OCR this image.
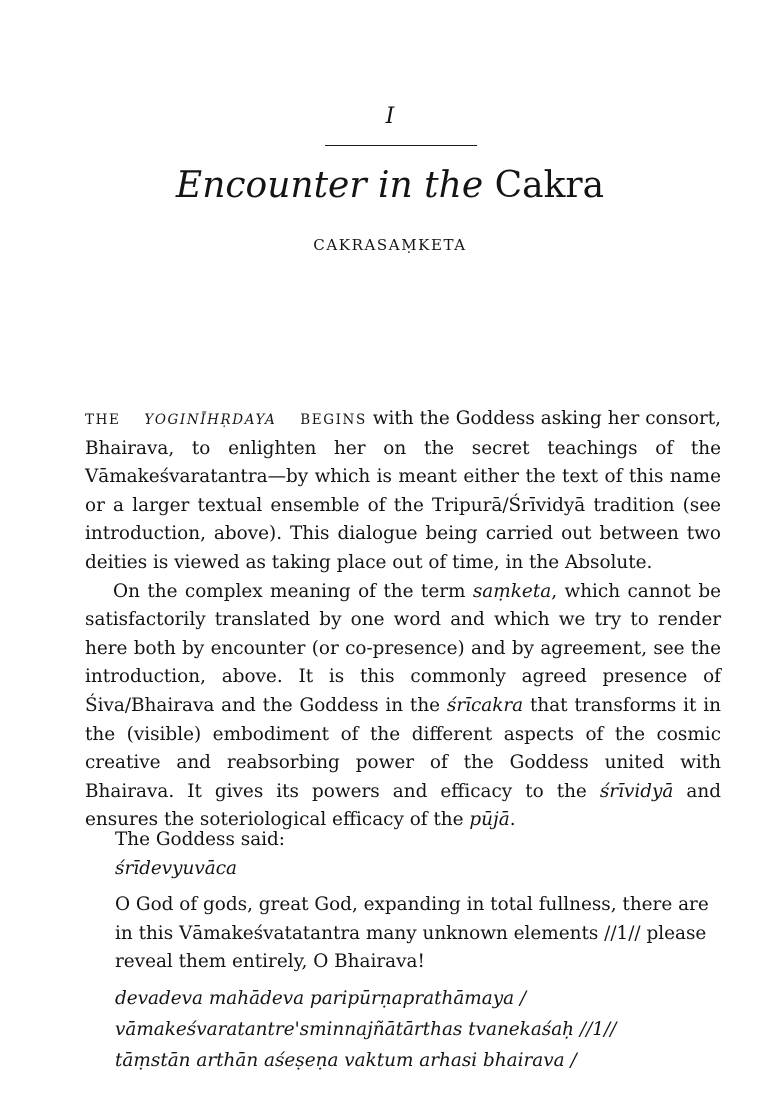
I
Encounter in the Cakra
CAKRASAṂKETA

THE YOGINĪHṚDAYA BEGINS with the Goddess asking her consort, Bhairava, to enlighten her on the secret teachings of the Vāmakeśvaratantra—by which is meant either the text of this name or a larger textual ensemble of the Tripurā/Śrīvidyā tradition (see introduction, above). This dialogue being carried out between two deities is viewed as taking place out of time, in the Absolute.

On the complex meaning of the term saṃketa, which cannot be satisfactorily translated by one word and which we try to render here both by encounter (or co-presence) and by agreement, see the introduction, above. It is this commonly agreed presence of Śiva/Bhairava and the Goddess in the śrīcakra that transforms it in the (visible) embodiment of the different aspects of the cosmic creative and reabsorbing power of the Goddess united with Bhairava. It gives its powers and efficacy to the śrīvidyā and ensures the soteriological efficacy of the pūjā.

The Goddess said:
śrīdevyuvāca
O God of gods, great God, expanding in total fullness, there are in this Vāmakeśvatatantra many unknown elements //1// please reveal them entirely, O Bhairava!
devadeva mahādeva paripūrṇaprathāmaya /
vāmakeśvaratantre'sminnajñātārthas tvanekaśaḥ //1//
tāṃstān arthān aśeṣeṇa vaktum arhasi bhairava /
